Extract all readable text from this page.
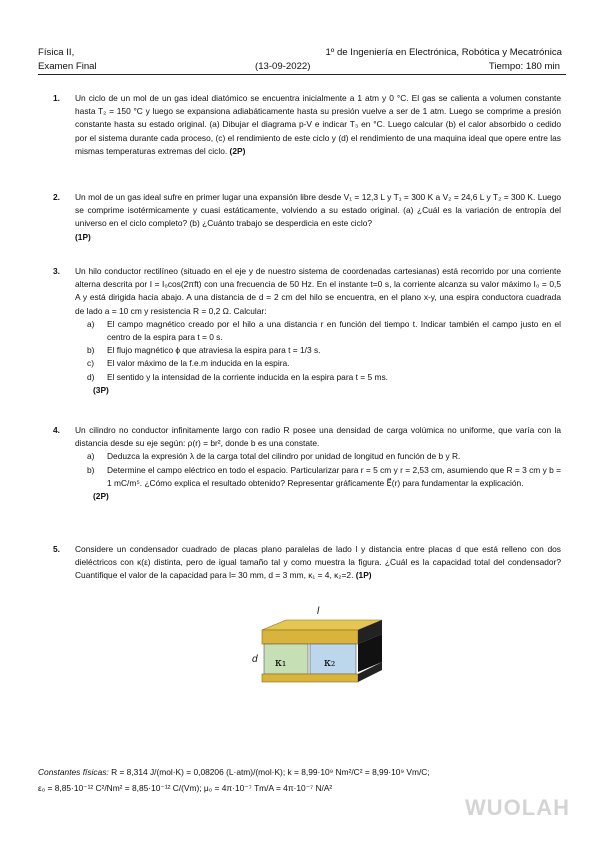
Física II,
Examen Final
1º de Ingeniería en Electrónica, Robótica y Mecatrónica
(13-09-2022)	Tiempo: 180 min
1. Un ciclo de un mol de un gas ideal diatómico se encuentra inicialmente a 1 atm y 0 °C. El gas se calienta a volumen constante hasta T₂ = 150 °C y luego se expansiona adiabáticamente hasta su presión vuelve a ser de 1 atm. Luego se comprime a presión constante hasta su estado original. (a) Dibujar el diagrama p-V e indicar T₃ en °C. Luego calcular (b) el calor absorbido o cedido por el sistema durante cada proceso, (c) el rendimiento de este ciclo y (d) el rendimiento de una maquina ideal que opere entre las mismas temperaturas extremas del ciclo. (2P)
2. Un mol de un gas ideal sufre en primer lugar una expansión libre desde V₁ = 12,3 L y T₁ = 300 K a V₂ = 24,6 L y T₂ = 300 K. Luego se comprime isotérmicamente y cuasi estáticamente, volviendo a su estado original. (a) ¿Cuál es la variación de entropía del universo en el ciclo completo? (b) ¿Cuánto trabajo se desperdicia en este ciclo?
(1P)
3. Un hilo conductor rectilíneo (situado en el eje y de nuestro sistema de coordenadas cartesianas) está recorrido por una corriente alterna descrita por I = I₀cos(2πft) con una frecuencia de 50 Hz. En el instante t=0 s, la corriente alcanza su valor máximo I₀ = 0,5 A y está dirigida hacia abajo. A una distancia de d = 2 cm del hilo se encuentra, en el plano x-y, una espira conductora cuadrada de lado a = 10 cm y resistencia R = 0,2 Ω. Calcular:
a)	El campo magnético creado por el hilo a una distancia r en función del tiempo t. Indicar también el campo justo en el centro de la espira para t = 0 s.
b)	El flujo magnético ϕ que atraviesa la espira para t = 1/3 s.
c)	El valor máximo de la f.e.m inducida en la espira.
d)	El sentido y la intensidad de la corriente inducida en la espira para t = 5 ms.
(3P)
4. Un cilindro no conductor infinitamente largo con radio R posee una densidad de carga volúmica no uniforme, que varía con la distancia desde su eje según: ρ(r) = br², donde b es una constate.
a)	Deduzca la expresión λ de la carga total del cilindro por unidad de longitud en función de b y R.
b)	Determine el campo eléctrico en todo el espacio. Particularizar para r = 5 cm y r = 2,53 cm, asumiendo que R = 3 cm y b = 1 mC/m⁵. ¿Cómo explica el resultado obtenido? Representar gráficamente E⃗(r) para fundamentar la explicación.
(2P)
5. Considere un condensador cuadrado de placas plano paralelas de lado l y distancia entre placas d que está relleno con dos dieléctricos con κ(ε) distinta, pero de igual tamaño tal y como muestra la figura. ¿Cuál es la capacidad total del condensador? Cuantifique el valor de la capacidad para l= 30 mm, d = 3 mm, κ₁ = 4, κ₂=2. (1P)
κ₁	κ₂
l
d
Constantes físicas: R = 8,314 J/(mol·K) = 0,08206 (L·atm)/(mol·K); k = 8,99·10⁹ Nm²/C² = 8,99·10⁹ Vm/C;
ε₀ = 8,85·10⁻¹² C²/Nm² = 8,85·10⁻¹² C/(Vm); μ₀ = 4π·10⁻⁷ Tm/A = 4π·10⁻⁷ N/A²
WUOLAH
